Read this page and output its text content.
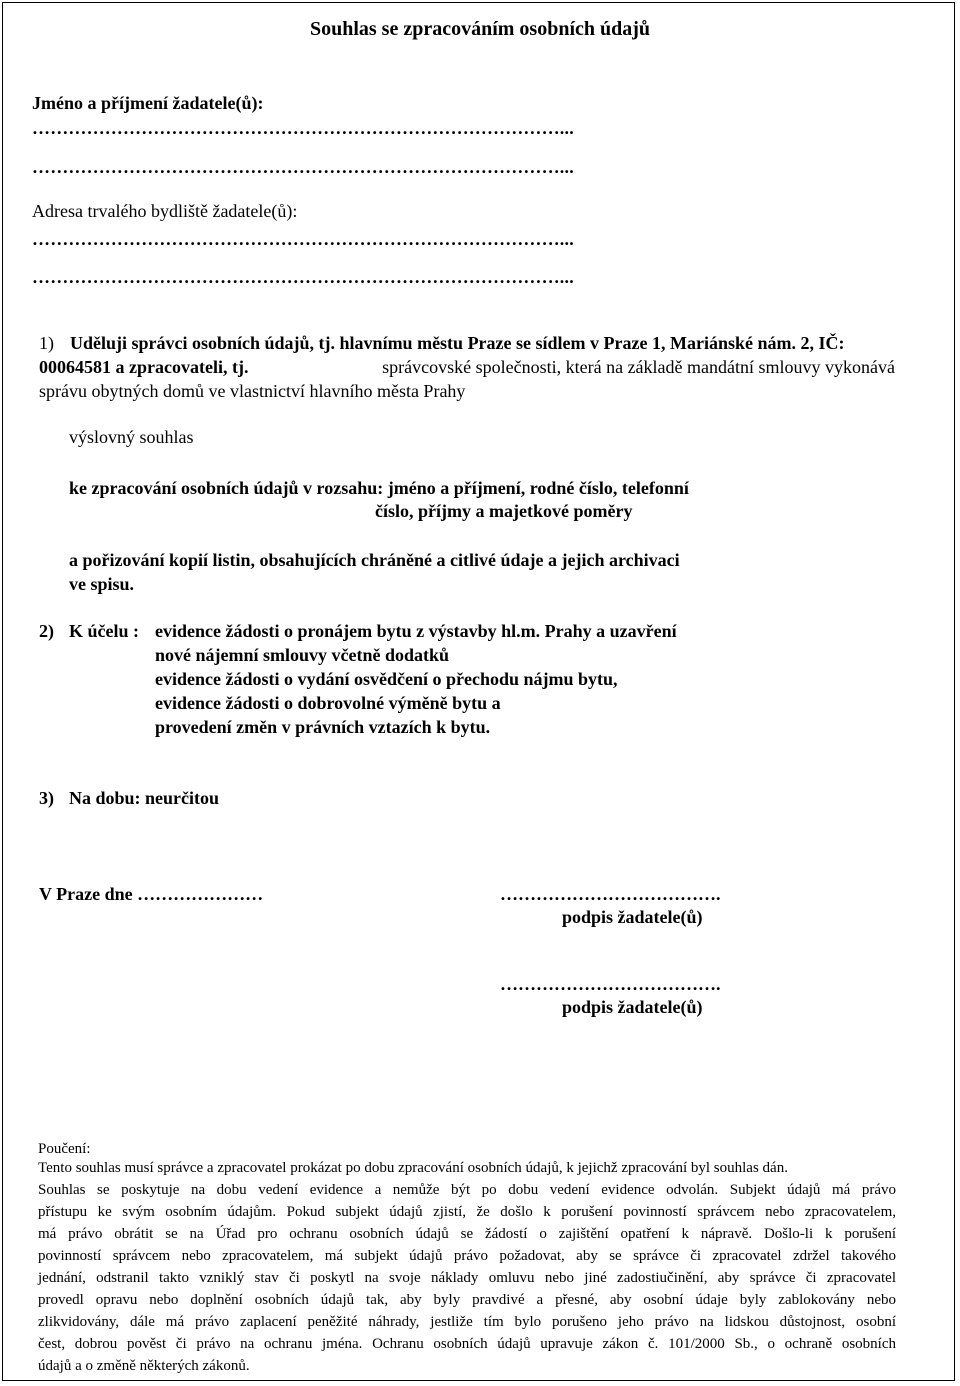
Souhlas se zpracováním osobních údajů
Jméno a příjmení žadatele(ů):
……………………………………………………………………………...
……………………………………………………………………………...
Adresa trvalého bydliště žadatele(ů):
……………………………………………………………………………...
……………………………………………………………………………...
1) Uděluji správci osobních údajů, tj. hlavnímu městu Praze se sídlem v Praze 1, Mariánské nám. 2, IČ:
00064581 a zpracovateli, tj.	správcovské společnosti, která na základě mandátní smlouvy vykonává
správu obytných domů ve vlastnictví hlavního města Prahy
výslovný souhlas
ke zpracování osobních údajů v rozsahu: jméno a příjmení, rodné číslo, telefonní
číslo, příjmy a majetkové poměry
a pořizování kopií listin, obsahujících chráněné a citlivé údaje a jejich archivaci
ve spisu.
2) K účelu : evidence žádosti o pronájem bytu z výstavby hl.m. Prahy a uzavření
nové nájemní smlouvy včetně dodatků
evidence žádosti o vydání osvědčení o přechodu nájmu bytu,
evidence žádosti o dobrovolné výměně bytu a
provedení změn v právních vztazích k bytu.
3) Na dobu: neurčitou
V Praze dne …………………	……………………………….
podpis žadatele(ů)
……………………………….
podpis žadatele(ů)
Poučení:
Tento souhlas musí správce a zpracovatel prokázat po dobu zpracování osobních údajů, k jejichž zpracování byl souhlas dán.
Souhlas se poskytuje na dobu vedení evidence a nemůže být po dobu vedení evidence odvolán. Subjekt údajů má právo
přístupu ke svým osobním údajům. Pokud subjekt údajů zjistí, že došlo k porušení povinností správcem nebo zpracovatelem,
má právo obrátit se na Úřad pro ochranu osobních údajů se žádostí o zajištění opatření k nápravě. Došlo-li k porušení
povinností správcem nebo zpracovatelem, má subjekt údajů právo požadovat, aby se správce či zpracovatel zdržel takového
jednání, odstranil takto vzniklý stav či poskytl na svoje náklady omluvu nebo jiné zadostiučinění, aby správce či zpracovatel
provedl opravu nebo doplnění osobních údajů tak, aby byly pravdivé a přesné, aby osobní údaje byly zablokovány nebo
zlikvidovány, dále má právo zaplacení peněžité náhrady, jestliže tím bylo porušeno jeho právo na lidskou důstojnost, osobní
čest, dobrou pověst či právo na ochranu jména. Ochranu osobních údajů upravuje zákon č. 101/2000 Sb., o ochraně osobních
údajů a o změně některých zákonů.
